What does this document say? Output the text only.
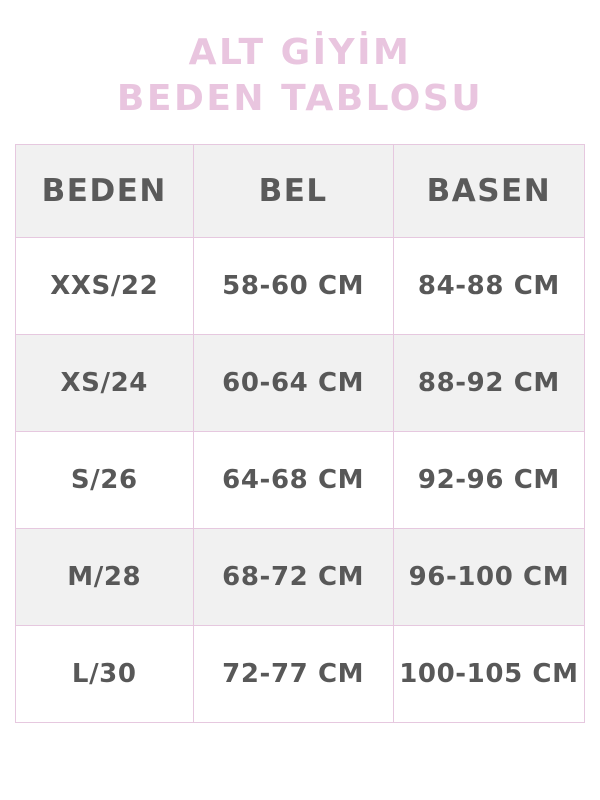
ALT GİYİM
BEDEN TABLOSU
BEDEN	BEL	BASEN
XXS/22	58-60 CM	84-88 CM
XS/24	60-64 CM	88-92 CM
S/26	64-68 CM	92-96 CM
M/28	68-72 CM	96-100 CM
L/30	72-77 CM	100-105 CM
